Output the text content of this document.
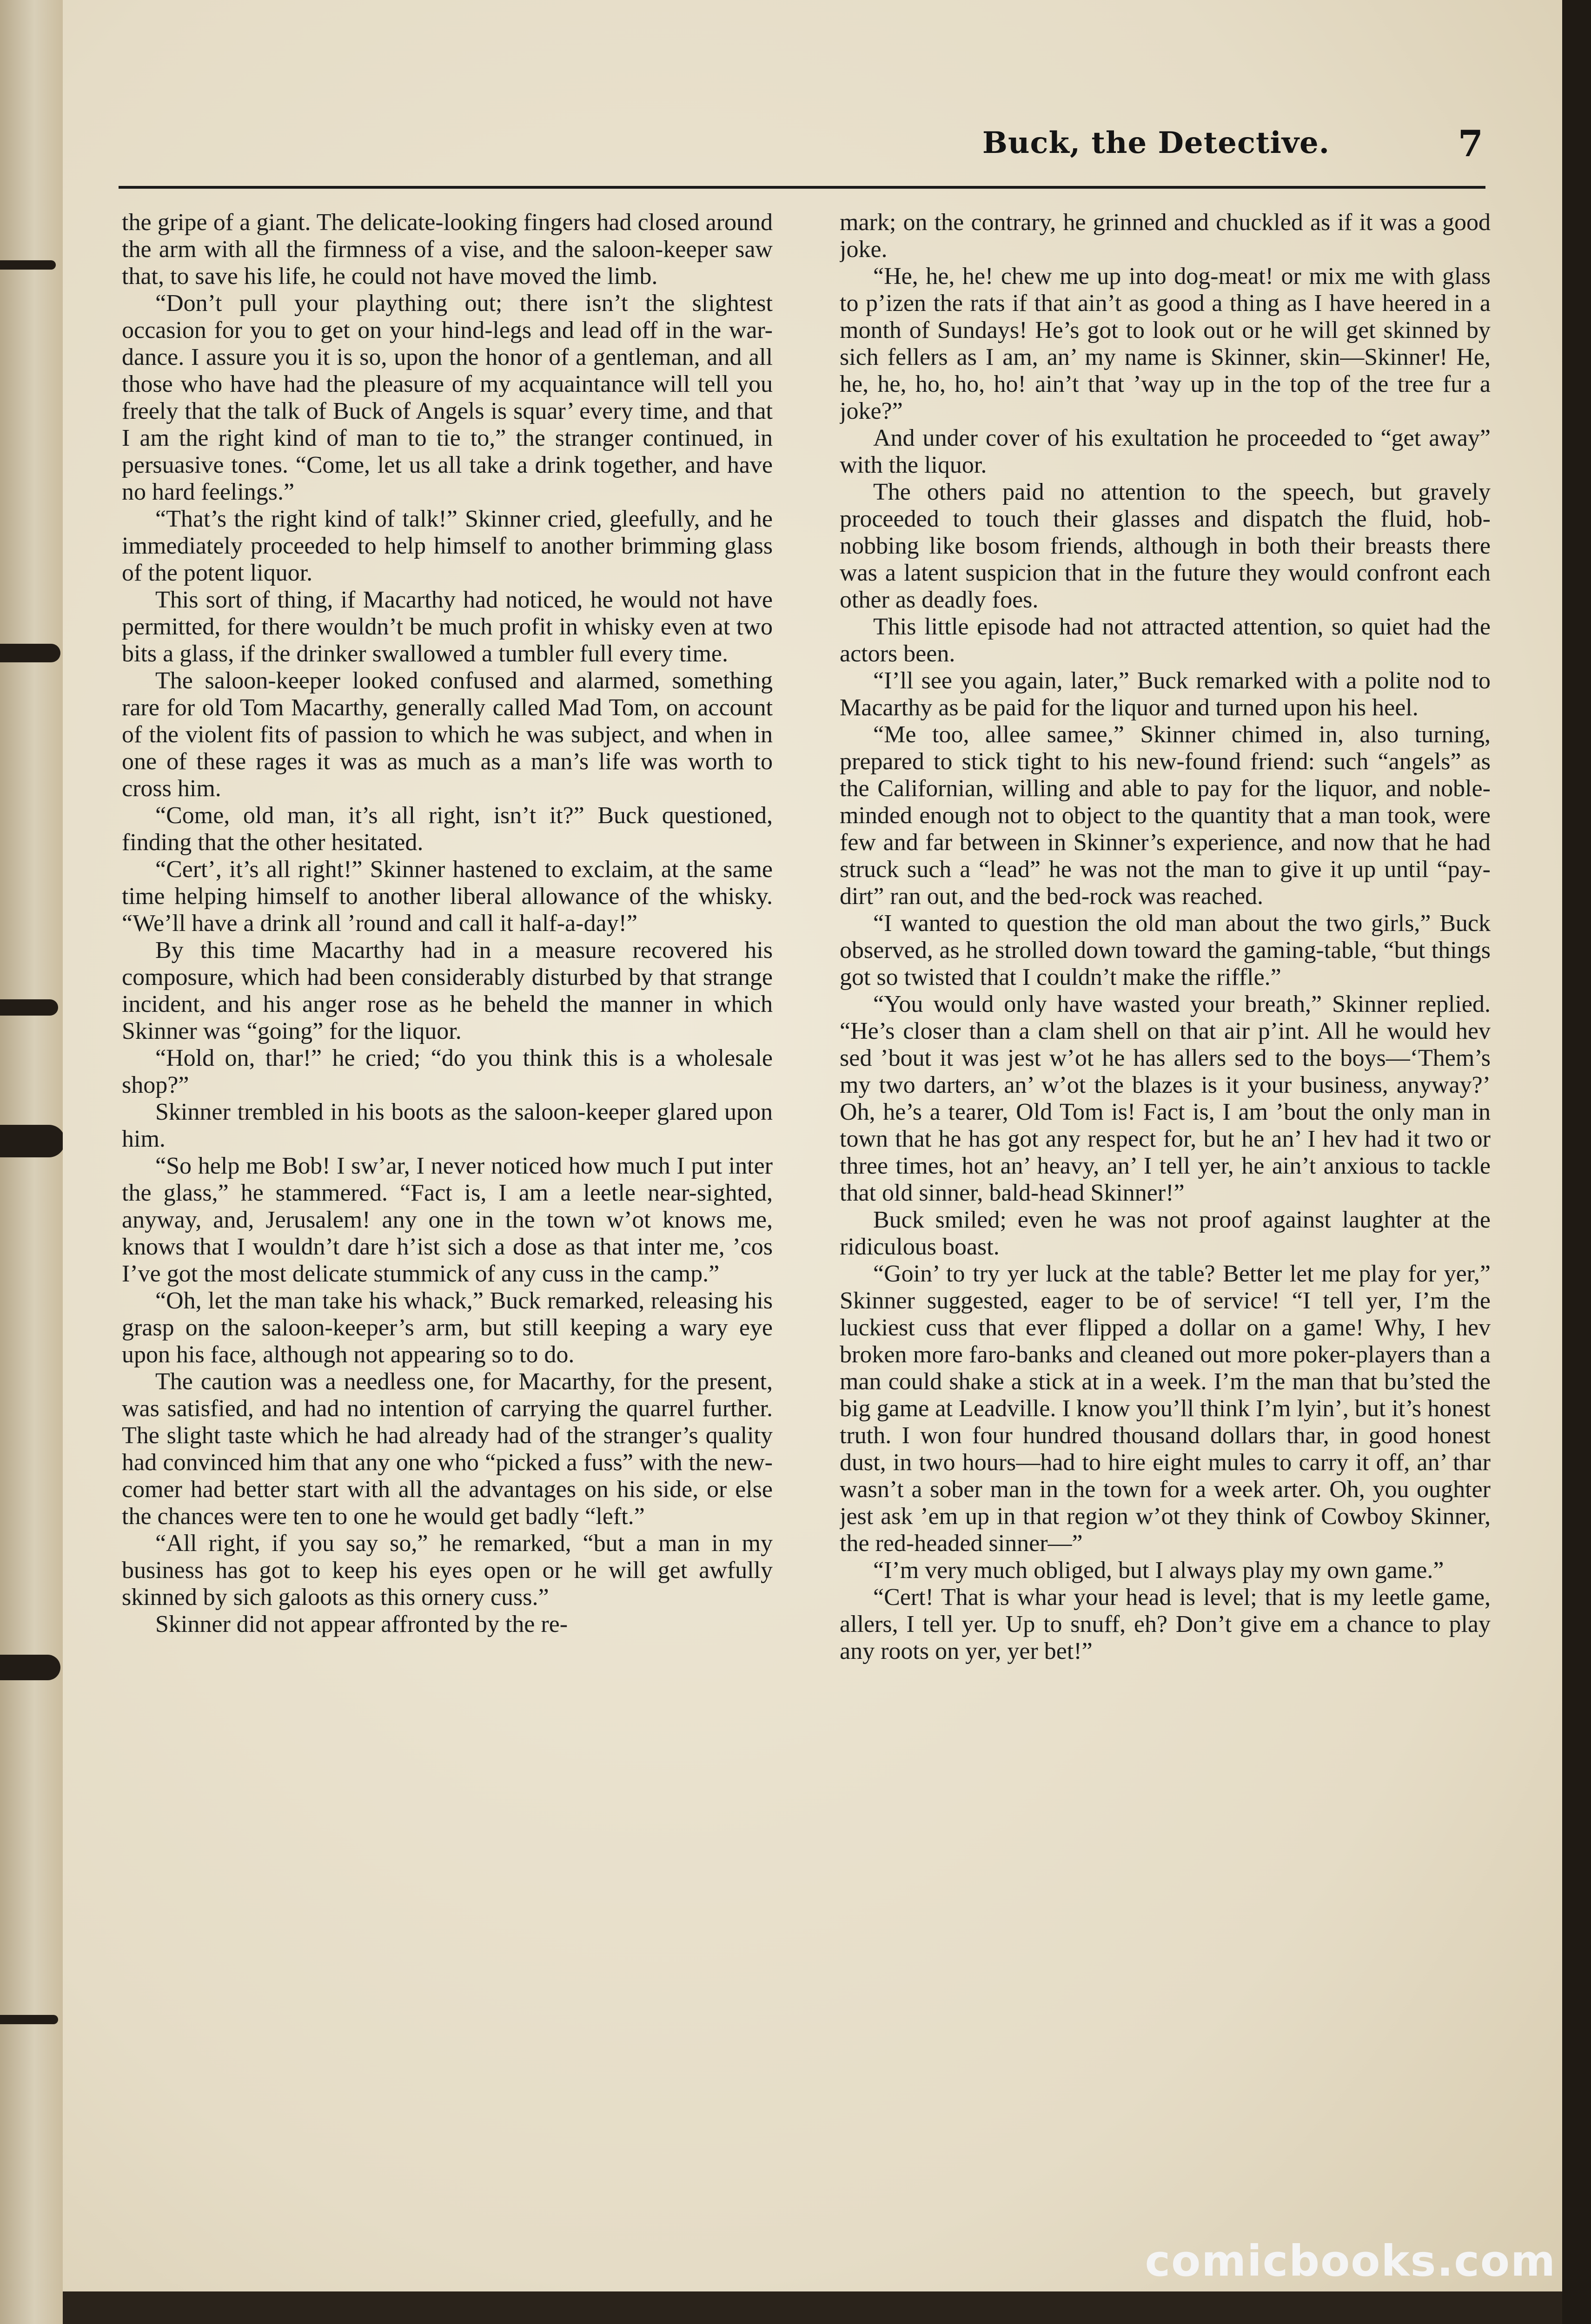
Buck, the Detective.	7

the gripe of a giant. The delicate-looking fingers had closed around the arm with all the firmness of a vise, and the saloon-keeper saw that, to save his life, he could not have moved the limb.

“Don’t pull your plaything out; there isn’t the slightest occasion for you to get on your hind-legs and lead off in the war-dance. I assure you it is so, upon the honor of a gentleman, and all those who have had the pleasure of my acquaintance will tell you freely that the talk of Buck of Angels is squar’ every time, and that I am the right kind of man to tie to,” the stranger continued, in persuasive tones. “Come, let us all take a drink together, and have no hard feelings.”

“That’s the right kind of talk!” Skinner cried, gleefully, and he immediately proceeded to help himself to another brimming glass of the potent liquor.

This sort of thing, if Macarthy had noticed, he would not have permitted, for there wouldn’t be much profit in whisky even at two bits a glass, if the drinker swallowed a tumbler full every time.

The saloon-keeper looked confused and alarmed, something rare for old Tom Macarthy, generally called Mad Tom, on account of the violent fits of passion to which he was subject, and when in one of these rages it was as much as a man’s life was worth to cross him.

“Come, old man, it’s all right, isn’t it?” Buck questioned, finding that the other hesitated.

“Cert’, it’s all right!” Skinner hastened to exclaim, at the same time helping himself to another liberal allowance of the whisky. “We’ll have a drink all ’round and call it half-a-day!”

By this time Macarthy had in a measure recovered his composure, which had been considerably disturbed by that strange incident, and his anger rose as he beheld the manner in which Skinner was “going” for the liquor.

“Hold on, thar!” he cried; “do you think this is a wholesale shop?”

Skinner trembled in his boots as the saloon-keeper glared upon him.

“So help me Bob! I sw’ar, I never noticed how much I put inter the glass,” he stammered. “Fact is, I am a leetle near-sighted, anyway, and, Jerusalem! any one in the town w’ot knows me, knows that I wouldn’t dare h’ist sich a dose as that inter me, ’cos I’ve got the most delicate stummick of any cuss in the camp.”

“Oh, let the man take his whack,” Buck remarked, releasing his grasp on the saloon-keeper’s arm, but still keeping a wary eye upon his face, although not appearing so to do.

The caution was a needless one, for Macarthy, for the present, was satisfied, and had no intention of carrying the quarrel further. The slight taste which he had already had of the stranger’s quality had convinced him that any one who “picked a fuss” with the new-comer had better start with all the advantages on his side, or else the chances were ten to one he would get badly “left.”

“All right, if you say so,” he remarked, “but a man in my business has got to keep his eyes open or he will get awfully skinned by sich galoots as this ornery cuss.”

Skinner did not appear affronted by the re-

mark; on the contrary, he grinned and chuckled as if it was a good joke.

“He, he, he! chew me up into dog-meat! or mix me with glass to p’izen the rats if that ain’t as good a thing as I have heered in a month of Sundays! He’s got to look out or he will get skinned by sich fellers as I am, an’ my name is Skinner, skin—Skinner! He, he, he, ho, ho, ho! ain’t that ’way up in the top of the tree fur a joke?”

And under cover of his exultation he proceeded to “get away” with the liquor.

The others paid no attention to the speech, but gravely proceeded to touch their glasses and dispatch the fluid, hob-nobbing like bosom friends, although in both their breasts there was a latent suspicion that in the future they would confront each other as deadly foes.

This little episode had not attracted attention, so quiet had the actors been.

“I’ll see you again, later,” Buck remarked with a polite nod to Macarthy as be paid for the liquor and turned upon his heel.

“Me too, allee samee,” Skinner chimed in, also turning, prepared to stick tight to his new-found friend: such “angels” as the Californian, willing and able to pay for the liquor, and noble-minded enough not to object to the quantity that a man took, were few and far between in Skinner’s experience, and now that he had struck such a “lead” he was not the man to give it up until “pay-dirt” ran out, and the bed-rock was reached.

“I wanted to question the old man about the two girls,” Buck observed, as he strolled down toward the gaming-table, “but things got so twisted that I couldn’t make the riffle.”

“You would only have wasted your breath,” Skinner replied. “He’s closer than a clam shell on that air p’int. All he would hev sed ’bout it was jest w’ot he has allers sed to the boys—‘Them’s my two darters, an’ w’ot the blazes is it your business, anyway?’ Oh, he’s a tearer, Old Tom is! Fact is, I am ’bout the only man in town that he has got any respect for, but he an’ I hev had it two or three times, hot an’ heavy, an’ I tell yer, he ain’t anxious to tackle that old sinner, bald-head Skinner!”

Buck smiled; even he was not proof against laughter at the ridiculous boast.

“Goin’ to try yer luck at the table? Better let me play for yer,” Skinner suggested, eager to be of service! “I tell yer, I’m the luckiest cuss that ever flipped a dollar on a game! Why, I hev broken more faro-banks and cleaned out more poker-players than a man could shake a stick at in a week. I’m the man that bu’sted the big game at Leadville. I know you’ll think I’m lyin’, but it’s honest truth. I won four hundred thousand dollars thar, in good honest dust, in two hours—had to hire eight mules to carry it off, an’ thar wasn’t a sober man in the town for a week arter. Oh, you oughter jest ask ’em up in that region w’ot they think of Cowboy Skinner, the red-headed sinner—”

“I’m very much obliged, but I always play my own game.”

“Cert! That is whar your head is level; that is my leetle game, allers, I tell yer. Up to snuff, eh? Don’t give em a chance to play any roots on yer, yer bet!”

comicbooks.com
